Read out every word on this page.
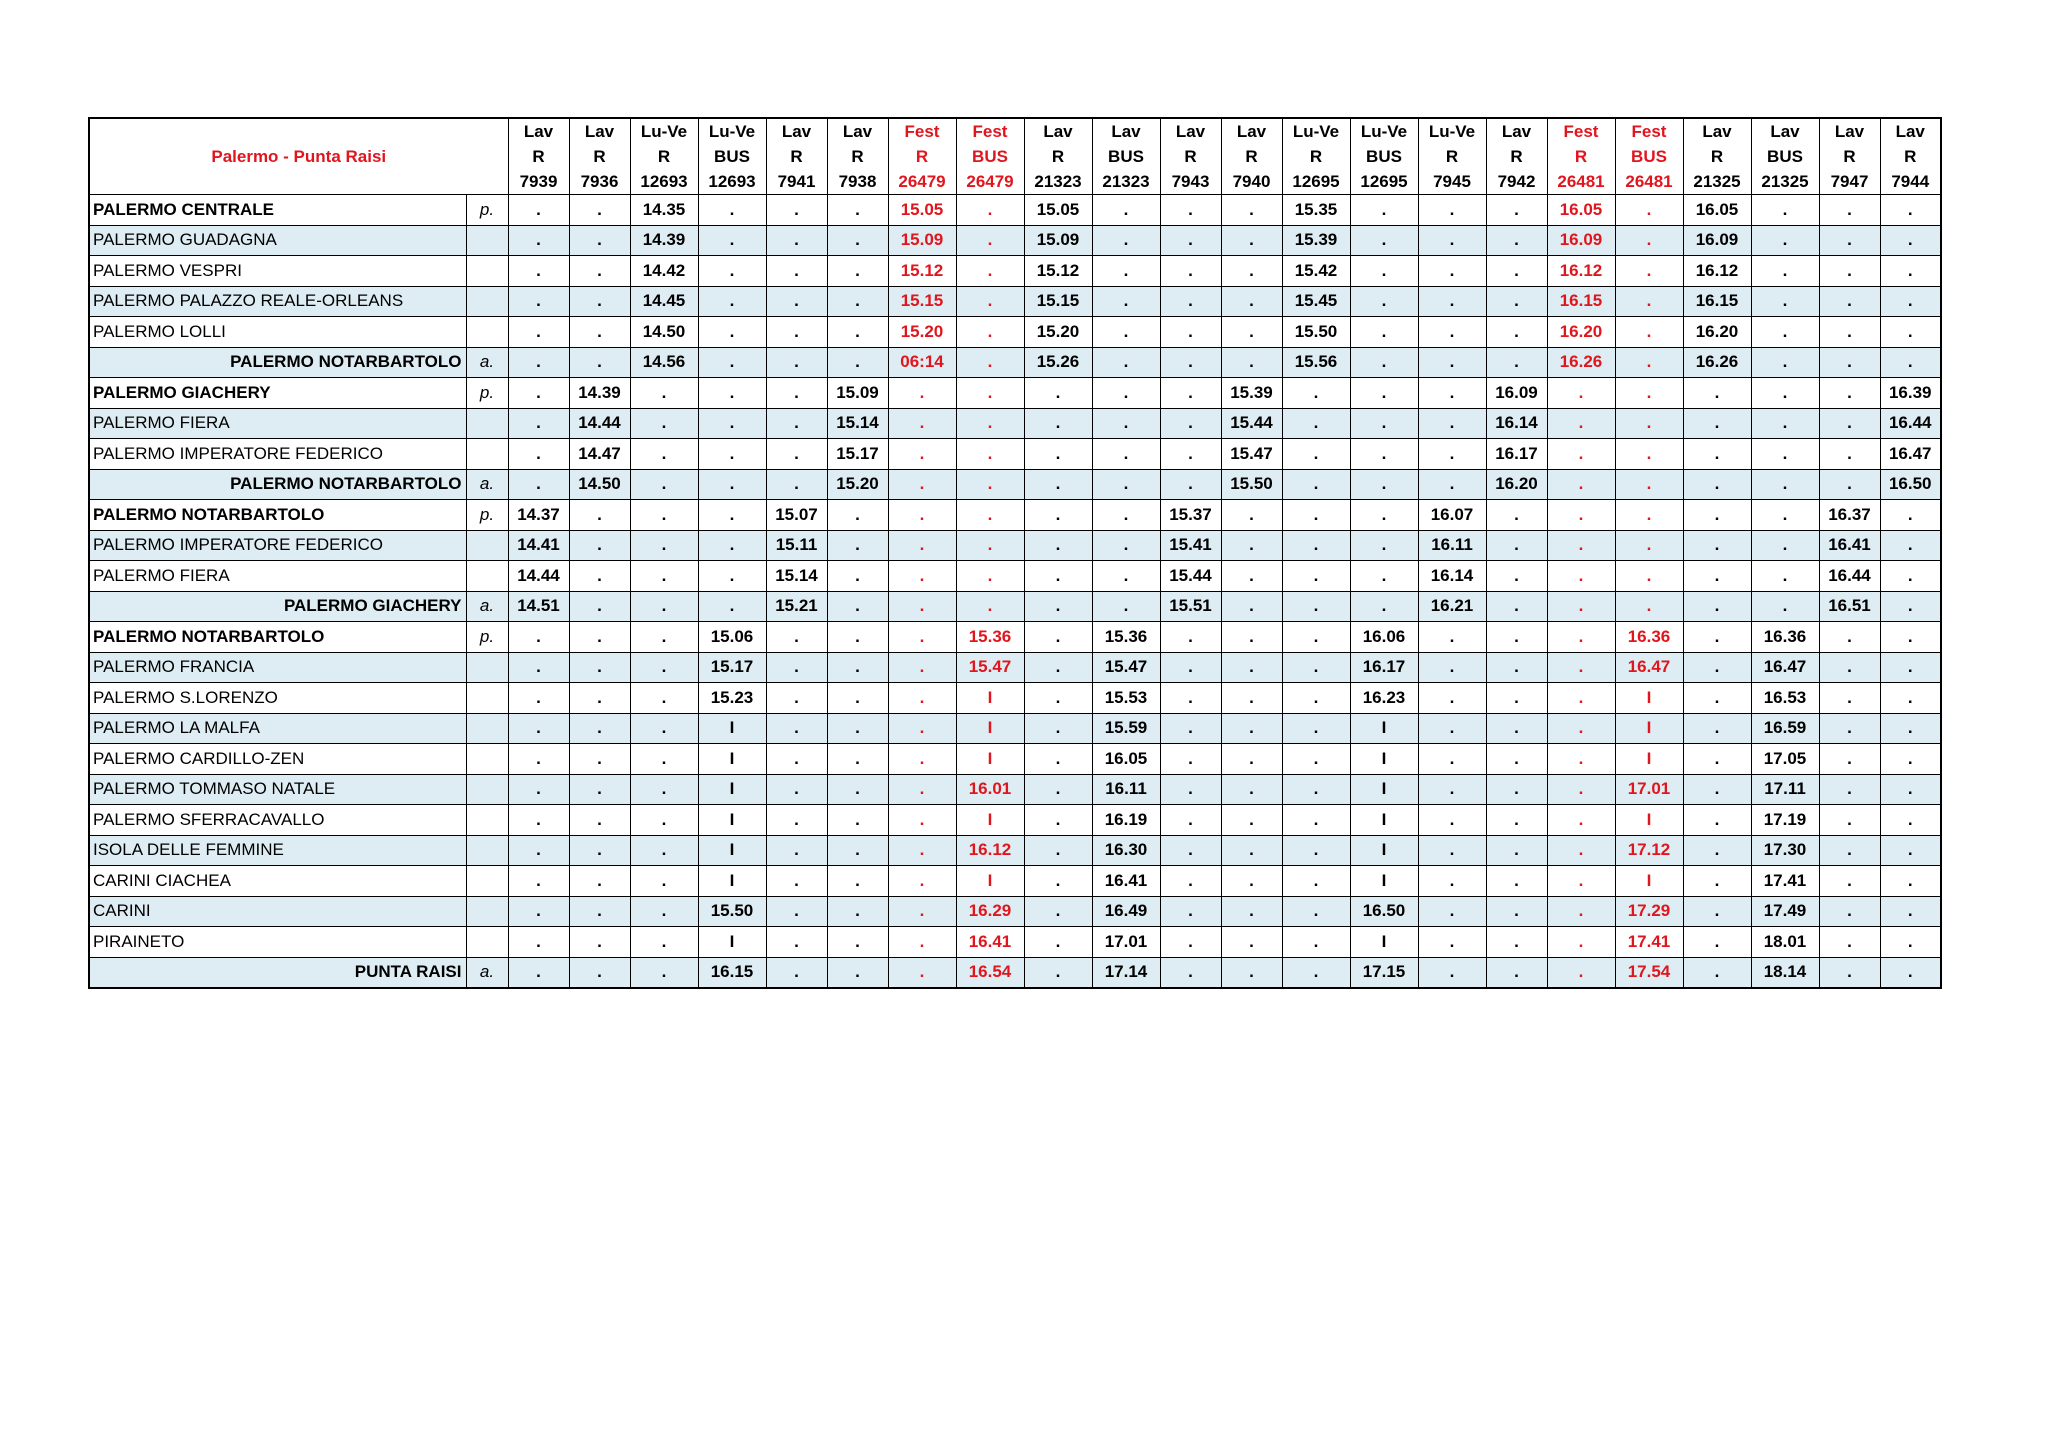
Palermo - Punta Raisi		Lav
R
7939	Lav
R
7936	Lu-Ve
R
12693	Lu-Ve
BUS
12693	Lav
R
7941	Lav
R
7938	Fest
R
26479	Fest
BUS
26479	Lav
R
21323	Lav
BUS
21323	Lav
R
7943	Lav
R
7940	Lu-Ve
R
12695	Lu-Ve
BUS
12695	Lu-Ve
R
7945	Lav
R
7942	Fest
R
26481	Fest
BUS
26481	Lav
R
21325	Lav
BUS
21325	Lav
R
7947	Lav
R
7944

PALERMO CENTRALE	p.	.	.	14.35	.	.	.	15.05	.	15.05	.	.	.	15.35	.	.	.	16.05	.	16.05	.	.	.
PALERMO GUADAGNA		.	.	14.39	.	.	.	15.09	.	15.09	.	.	.	15.39	.	.	.	16.09	.	16.09	.	.	.
PALERMO VESPRI		.	.	14.42	.	.	.	15.12	.	15.12	.	.	.	15.42	.	.	.	16.12	.	16.12	.	.	.
PALERMO PALAZZO REALE-ORLEANS		.	.	14.45	.	.	.	15.15	.	15.15	.	.	.	15.45	.	.	.	16.15	.	16.15	.	.	.
PALERMO LOLLI		.	.	14.50	.	.	.	15.20	.	15.20	.	.	.	15.50	.	.	.	16.20	.	16.20	.	.	.
PALERMO NOTARBARTOLO	a.	.	.	14.56	.	.	.	06:14	.	15.26	.	.	.	15.56	.	.	.	16.26	.	16.26	.	.	.
PALERMO GIACHERY	p.	.	14.39	.	.	.	15.09	.	.	.	.	.	15.39	.	.	.	16.09	.	.	.	.	.	16.39
PALERMO FIERA		.	14.44	.	.	.	15.14	.	.	.	.	.	15.44	.	.	.	16.14	.	.	.	.	.	16.44
PALERMO IMPERATORE FEDERICO		.	14.47	.	.	.	15.17	.	.	.	.	.	15.47	.	.	.	16.17	.	.	.	.	.	16.47
PALERMO NOTARBARTOLO	a.	.	14.50	.	.	.	15.20	.	.	.	.	.	15.50	.	.	.	16.20	.	.	.	.	.	16.50
PALERMO NOTARBARTOLO	p.	14.37	.	.	.	15.07	.	.	.	.	.	15.37	.	.	.	16.07	.	.	.	.	.	16.37	.
PALERMO IMPERATORE FEDERICO		14.41	.	.	.	15.11	.	.	.	.	.	15.41	.	.	.	16.11	.	.	.	.	.	16.41	.
PALERMO FIERA		14.44	.	.	.	15.14	.	.	.	.	.	15.44	.	.	.	16.14	.	.	.	.	.	16.44	.
PALERMO GIACHERY	a.	14.51	.	.	.	15.21	.	.	.	.	.	15.51	.	.	.	16.21	.	.	.	.	.	16.51	.
PALERMO NOTARBARTOLO	p.	.	.	.	15.06	.	.	.	15.36	.	15.36	.	.	.	16.06	.	.	.	16.36	.	16.36	.	.
PALERMO FRANCIA		.	.	.	15.17	.	.	.	15.47	.	15.47	.	.	.	16.17	.	.	.	16.47	.	16.47	.	.
PALERMO S.LORENZO		.	.	.	15.23	.	.	.	I	.	15.53	.	.	.	16.23	.	.	.	I	.	16.53	.	.
PALERMO LA MALFA		.	.	.	I	.	.	.	I	.	15.59	.	.	.	I	.	.	.	I	.	16.59	.	.
PALERMO CARDILLO-ZEN		.	.	.	I	.	.	.	I	.	16.05	.	.	.	I	.	.	.	I	.	17.05	.	.
PALERMO TOMMASO NATALE		.	.	.	I	.	.	.	16.01	.	16.11	.	.	.	I	.	.	.	17.01	.	17.11	.	.
PALERMO SFERRACAVALLO		.	.	.	I	.	.	.	I	.	16.19	.	.	.	I	.	.	.	I	.	17.19	.	.
ISOLA DELLE FEMMINE		.	.	.	I	.	.	.	16.12	.	16.30	.	.	.	I	.	.	.	17.12	.	17.30	.	.
CARINI CIACHEA		.	.	.	I	.	.	.	I	.	16.41	.	.	.	I	.	.	.	I	.	17.41	.	.
CARINI		.	.	.	15.50	.	.	.	16.29	.	16.49	.	.	.	16.50	.	.	.	17.29	.	17.49	.	.
PIRAINETO		.	.	.	I	.	.	.	16.41	.	17.01	.	.	.	I	.	.	.	17.41	.	18.01	.	.
PUNTA RAISI	a.	.	.	.	16.15	.	.	.	16.54	.	17.14	.	.	.	17.15	.	.	.	17.54	.	18.14	.	.
